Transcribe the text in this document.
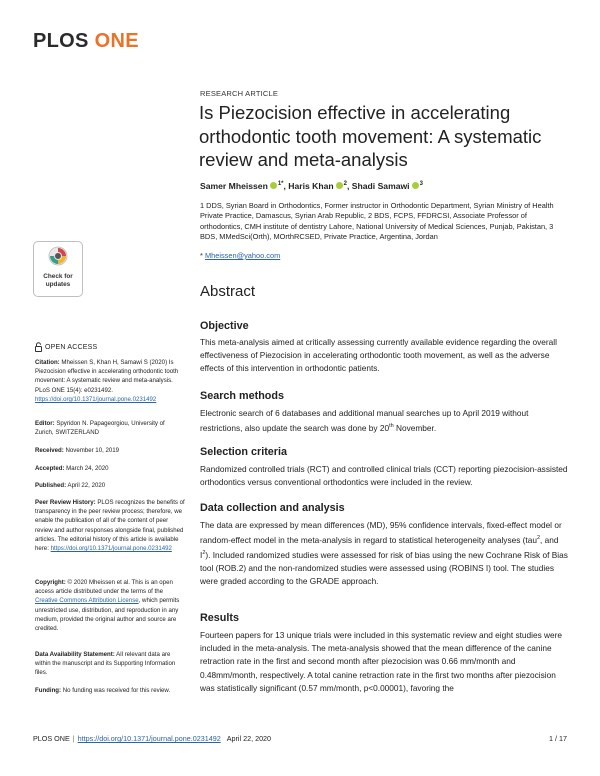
PLOS ONE
RESEARCH ARTICLE
Is Piezocision effective in accelerating orthodontic tooth movement: A systematic review and meta-analysis
Samer Mheissen $^{1*}$, Haris Khan $^2$, Shadi Samawi $^3$
1 DDS, Syrian Board in Orthodontics, Former instructor in Orthodontic Department, Syrian Ministry of Health Private Practice, Damascus, Syrian Arab Republic, 2 BDS, FCPS, FFDRCSI, Associate Professor of orthodontics, CMH institute of dentistry Lahore, National University of Medical Sciences, Punjab, Pakistan, 3 BDS, MMedSci(Orth), MOrthRCSED, Private Practice, Argentina, Jordan
* Mheissen@yahoo.com
Check for
updates	Abstract
Objective
This meta-analysis aimed at critically assessing currently available evidence regarding the overall effectiveness of Piezocision in accelerating orthodontic tooth movement, as well as the adverse effects of this intervention in orthodontic patients.
Search methods
Electronic search of 6 databases and additional manual searches up to April 2019 without restrictions, also update the search was done by 20th November.
Selection criteria
Randomized controlled trials (RCT) and controlled clinical trials (CCT) reporting piezocision-assisted orthodontics versus conventional orthodontics were included in the review.
Data collection and analysis
The data are expressed by mean differences (MD), 95% confidence intervals, fixed-effect model or random-effect model in the meta-analysis in regard to statistical heterogeneity analyses (tau$^2$, and $I^2$). Included randomized studies were assessed for risk of bias using the new Cochrane Risk of Bias tool (ROB.2) and the non-randomized studies were assessed using (ROBINS I) tool. The studies were graded according to the GRADE approach.
Results
Fourteen papers for 13 unique trials were included in this systematic review and eight studies were included in the meta-analysis. The meta-analysis showed that the mean difference of the canine retraction rate in the first and second month after piezocision was 0.66 mm/month and 0.48mm/month, respectively. A total canine retraction rate in the first two months after piezocision was statistically significant (0.57 mm/month, p<0.00001), favoring the
OPEN ACCESS
Citation: Mheissen S, Khan H, Samawi S (2020) Is Piezocision effective in accelerating orthodontic tooth movement: A systematic review and meta-analysis. PLoS ONE 15(4): e0231492. https://doi.org/10.1371/journal.pone.0231492
Editor: Spyridon N. Papageorgiou, University of Zurich, SWITZERLAND
Received: November 10, 2019
Accepted: March 24, 2020
Published: April 22, 2020
Peer Review History: PLOS recognizes the benefits of transparency in the peer review process; therefore, we enable the publication of all of the content of peer review and author responses alongside final, published articles. The editorial history of this article is available here: https://doi.org/10.1371/journal.pone.0231492
Copyright: © 2020 Mheissen et al. This is an open access article distributed under the terms of the Creative Commons Attribution License, which permits unrestricted use, distribution, and reproduction in any medium, provided the original author and source are credited.
Data Availability Statement: All relevant data are within the manuscript and its Supporting Information files.
Funding: No funding was received for this review.
PLOS ONE | https://doi.org/10.1371/journal.pone.0231492 April 22, 2020	1 / 17
